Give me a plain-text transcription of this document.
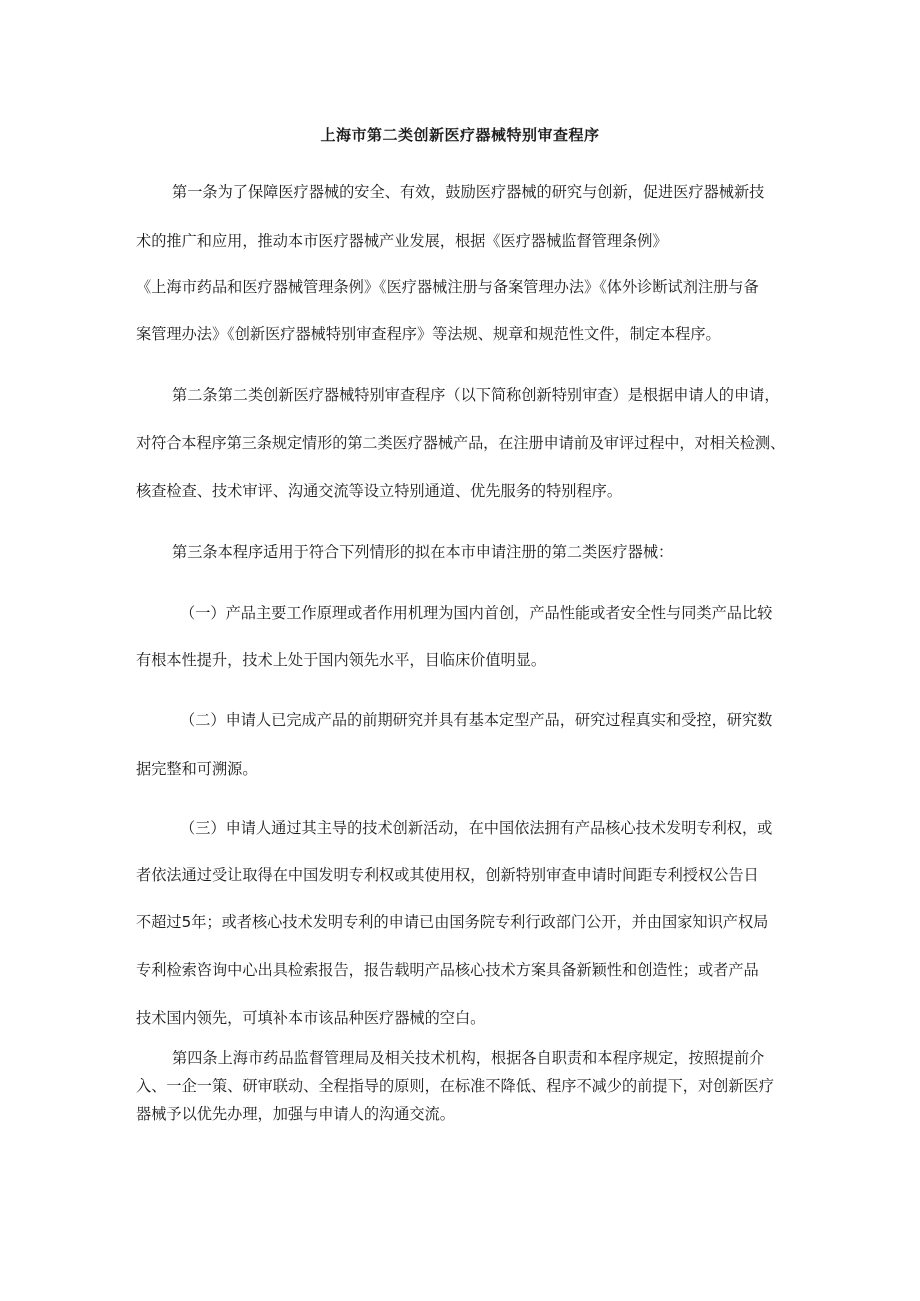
上海市第二类创新医疗器械特别审查程序
第一条为了保障医疗器械的安全、有效，鼓励医疗器械的研究与创新，促进医疗器械新技
术的推广和应用，推动本市医疗器械产业发展，根据《医疗器械监督管理条例》
《上海市药品和医疗器械管理条例》《医疗器械注册与备案管理办法》《体外诊断试剂注册与备
案管理办法》《创新医疗器械特别审查程序》等法规、规章和规范性文件，制定本程序。
第二条第二类创新医疗器械特别审查程序（以下简称创新特别审查）是根据申请人的申请，
对符合本程序第三条规定情形的第二类医疗器械产品，在注册申请前及审评过程中，对相关检测、
核查检查、技术审评、沟通交流等设立特别通道、优先服务的特别程序。
第三条本程序适用于符合下列情形的拟在本市申请注册的第二类医疗器械：
（一）产品主要工作原理或者作用机理为国内首创，产品性能或者安全性与同类产品比较
有根本性提升，技术上处于国内领先水平，目临床价值明显。
（二）申请人已完成产品的前期研究并具有基本定型产品，研究过程真实和受控，研究数
据完整和可溯源。
（三）申请人通过其主导的技术创新活动，在中国依法拥有产品核心技术发明专利权，或
者依法通过受让取得在中国发明专利权或其使用权，创新特别审查申请时间距专利授权公告日
不超过5年；或者核心技术发明专利的申请已由国务院专利行政部门公开，并由国家知识产权局
专利检索咨询中心出具检索报告，报告载明产品核心技术方案具备新颖性和创造性；或者产品
技术国内领先，可填补本市该品种医疗器械的空白。
第四条上海市药品监督管理局及相关技术机构，根据各自职责和本程序规定，按照提前介
入、一企一策、研审联动、全程指导的原则，在标准不降低、程序不减少的前提下，对创新医疗
器械予以优先办理，加强与申请人的沟通交流。
